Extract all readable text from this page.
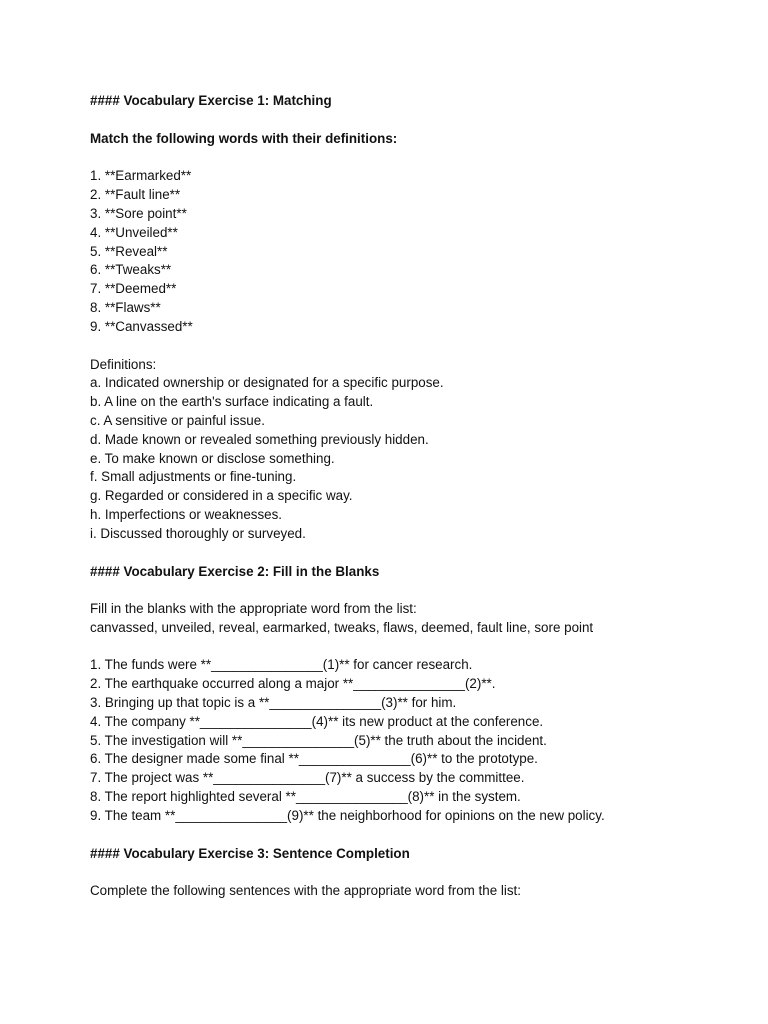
#### Vocabulary Exercise 1: Matching
Match the following words with their definitions:
1. **Earmarked**
2. **Fault line**
3. **Sore point**
4. **Unveiled**
5. **Reveal**
6. **Tweaks**
7. **Deemed**
8. **Flaws**
9. **Canvassed**
Definitions:
a. Indicated ownership or designated for a specific purpose.
b. A line on the earth's surface indicating a fault.
c. A sensitive or painful issue.
d. Made known or revealed something previously hidden.
e. To make known or disclose something.
f. Small adjustments or fine-tuning.
g. Regarded or considered in a specific way.
h. Imperfections or weaknesses.
i. Discussed thoroughly or surveyed.
#### Vocabulary Exercise 2: Fill in the Blanks
Fill in the blanks with the appropriate word from the list:
canvassed, unveiled, reveal, earmarked, tweaks, flaws, deemed, fault line, sore point
1. The funds were **_______________(1)** for cancer research.
2. The earthquake occurred along a major **_______________(2)**.
3. Bringing up that topic is a **_______________(3)** for him.
4. The company **_______________(4)** its new product at the conference.
5. The investigation will **_______________(5)** the truth about the incident.
6. The designer made some final **_______________(6)** to the prototype.
7. The project was **_______________(7)** a success by the committee.
8. The report highlighted several **_______________(8)** in the system.
9. The team **_______________(9)** the neighborhood for opinions on the new policy.
#### Vocabulary Exercise 3: Sentence Completion
Complete the following sentences with the appropriate word from the list:
